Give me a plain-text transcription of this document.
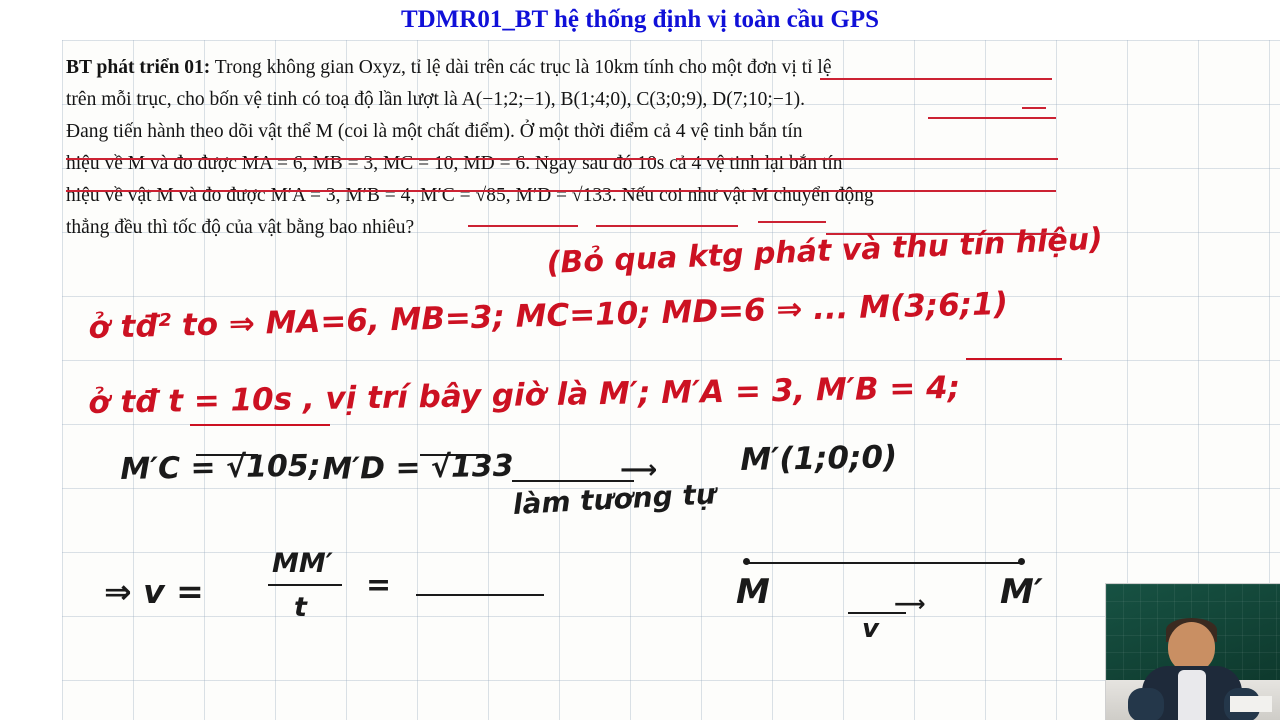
TDMR01_BT hệ thống định vị toàn cầu GPS
BT phát triển 01: Trong không gian Oxyz, tỉ lệ dài trên các trục là 10km tính cho một đơn vị tỉ lệ
trên mỗi trục, cho bốn vệ tinh có toạ độ lần lượt là A(−1;2;−1), B(1;4;0), C(3;0;9), D(7;10;−1).
Đang tiến hành theo dõi vật thể M (coi là một chất điểm). Ở một thời điểm cả 4 vệ tinh bắn tín
hiệu về M và đo được MA = 6, MB = 3, MC = 10, MD = 6. Ngay sau đó 10s cả 4 vệ tinh lại bắn tín
hiệu về vật M và đo được M′A = 3, M′B = 4, M′C = √85, M′D = √133. Nếu coi như vật M chuyển động
thẳng đều thì tốc độ của vật bằng bao nhiêu?	(Bỏ qua ktg phát và thu tín hiệu)
ở tđ² to ⇒ MA=6, MB=3; MC=10; MD=6 ⇒ ... M(3;6;1)
ở tđ t = 10s , vị trí bây giờ là M′; M′A = 3, M′B = 4;
M′C = √105; M′D = √133
làm tương tự
⟶	M′(1;0;0)
⇒ v =
MM′
t
=	M	M′
⟶
v
